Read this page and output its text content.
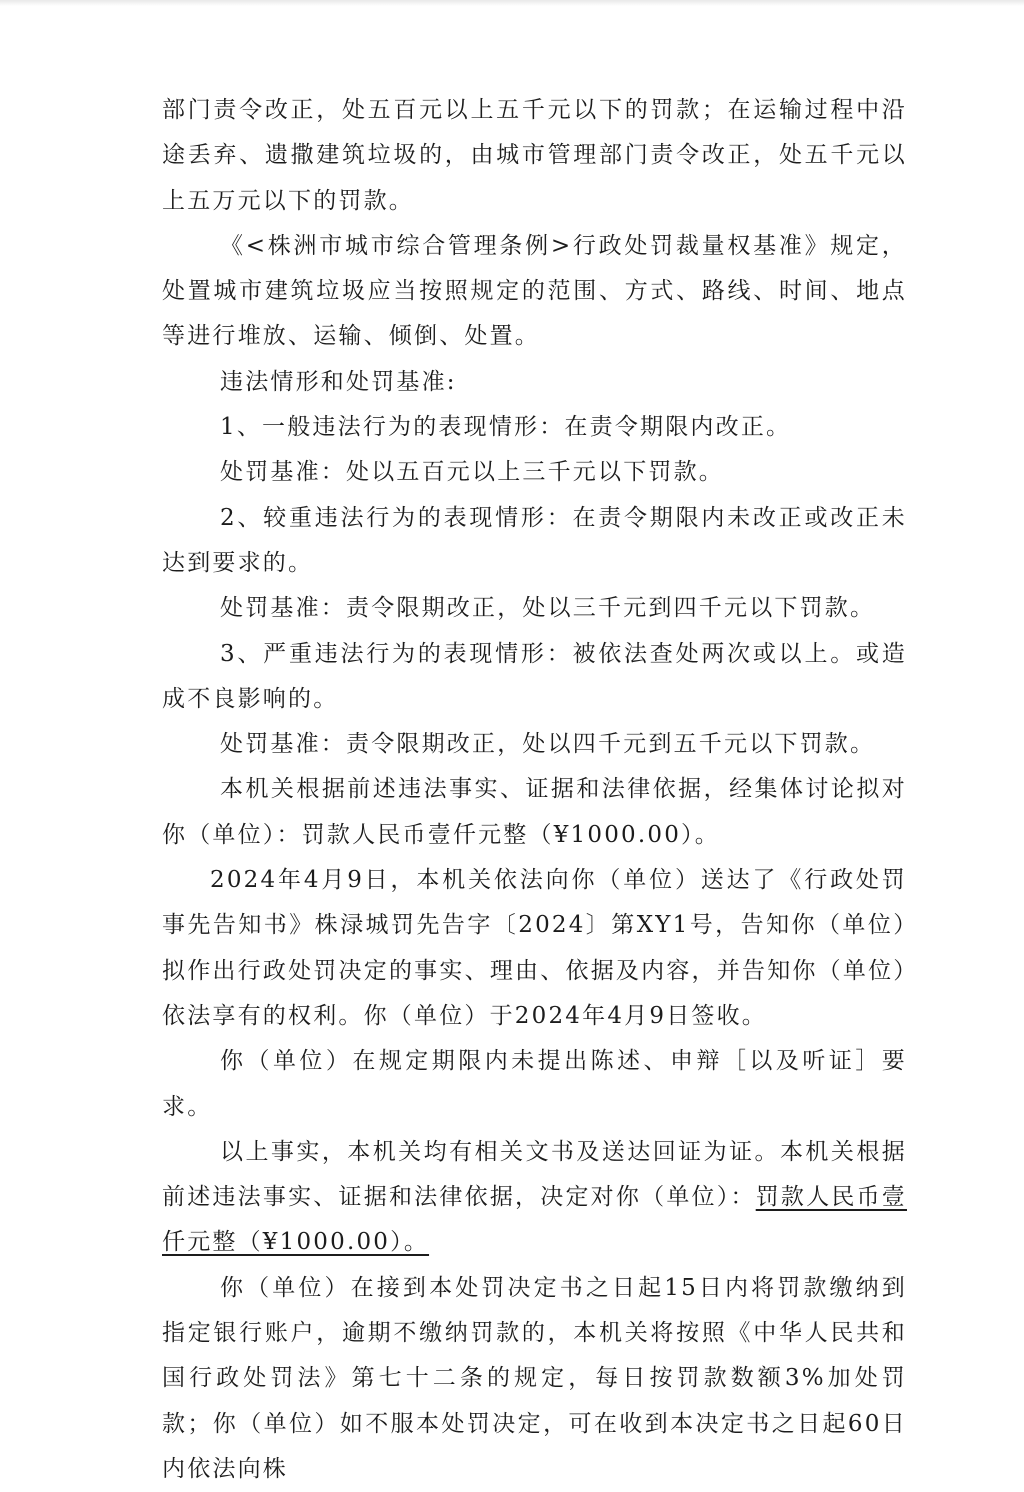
部门责令改正，处五百元以上五千元以下的罚款；在运输过程中沿途丢弃、遗撒建筑垃圾的，由城市管理部门责令改正，处五千元以上五万元以下的罚款。

《<株洲市城市综合管理条例>行政处罚裁量权基准》规定，处置城市建筑垃圾应当按照规定的范围、方式、路线、时间、地点等进行堆放、运输、倾倒、处置。

违法情形和处罚基准:

1、一般违法行为的表现情形：在责令期限内改正。

处罚基准：处以五百元以上三千元以下罚款。

2、较重违法行为的表现情形：在责令期限内未改正或改正未达到要求的。

处罚基准：责令限期改正，处以三千元到四千元以下罚款。

3、严重违法行为的表现情形：被依法查处两次或以上。或造成不良影响的。

处罚基准：责令限期改正，处以四千元到五千元以下罚款。

本机关根据前述违法事实、证据和法律依据，经集体讨论拟对你（单位）：罚款人民币壹仟元整（¥1000.00）。

2024年4月9日，本机关依法向你（单位）送达了《行政处罚事先告知书》株渌城罚先告字〔2024〕第XY1号，告知你（单位）拟作出行政处罚决定的事实、理由、依据及内容，并告知你（单位）依法享有的权利。你（单位）于2024年4月9日签收。

你（单位）在规定期限内未提出陈述、申辩［以及听证］要求。

以上事实，本机关均有相关文书及送达回证为证。本机关根据前述违法事实、证据和法律依据，决定对你（单位）：罚款人民币壹仟元整（¥1000.00）。

你（单位）在接到本处罚决定书之日起15日内将罚款缴纳到指定银行账户，逾期不缴纳罚款的，本机关将按照《中华人民共和国行政处罚法》第七十二条的规定，每日按罚款数额3%加处罚款；你（单位）如不服本处罚决定，可在收到本决定书之日起60日内依法向株
